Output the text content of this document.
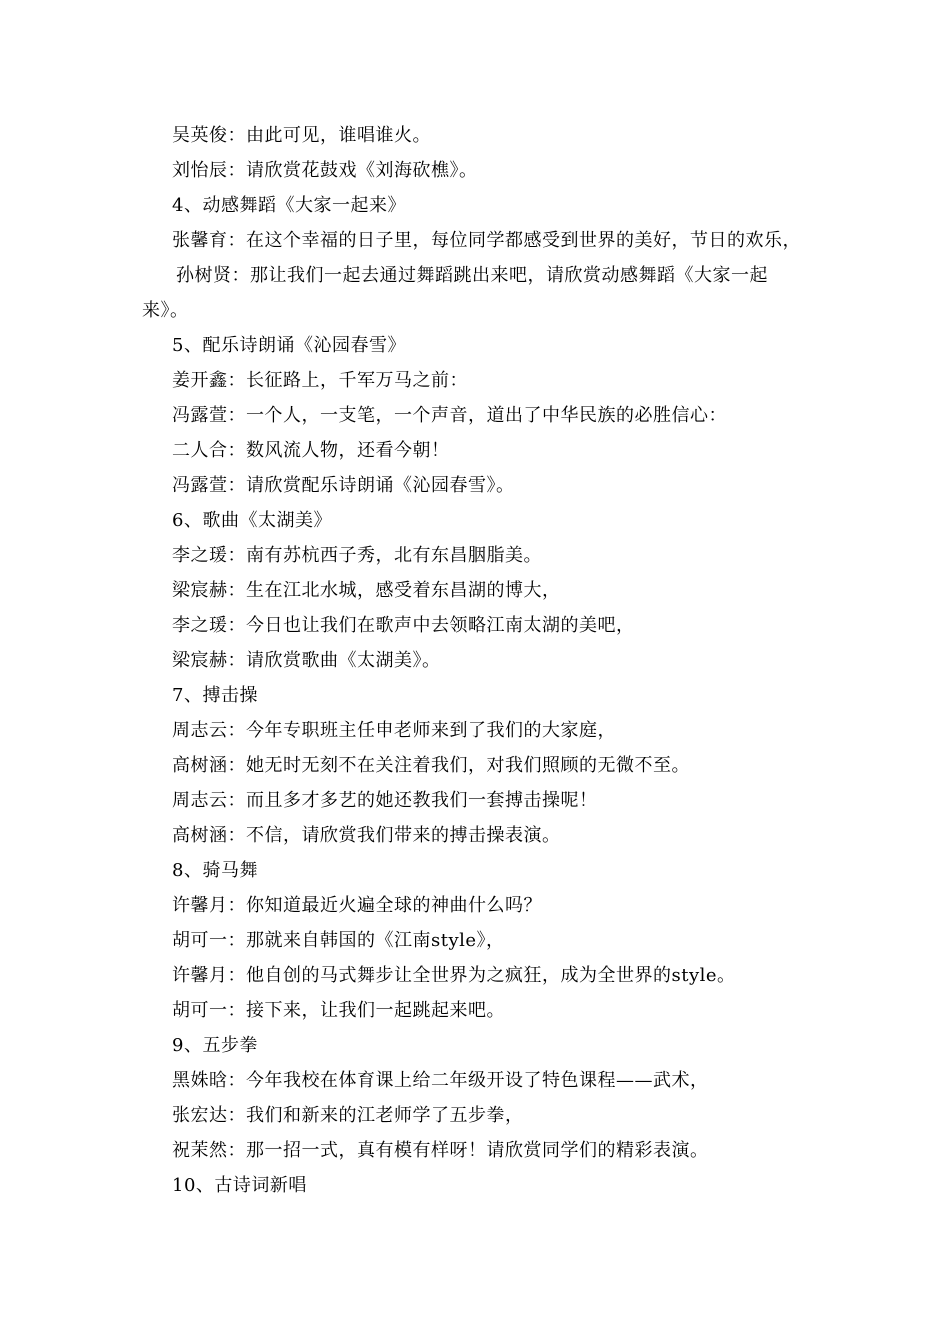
吴英俊：由此可见，谁唱谁火。
刘怡辰：请欣赏花鼓戏《刘海砍樵》。
4、动感舞蹈《大家一起来》
张馨育：在这个幸福的日子里，每位同学都感受到世界的美好，节日的欢乐，
孙树贤：那让我们一起去通过舞蹈跳出来吧，请欣赏动感舞蹈《大家一起
来》。
5、配乐诗朗诵《沁园春雪》
姜开鑫：长征路上，千军万马之前：
冯露萱：一个人，一支笔，一个声音，道出了中华民族的必胜信心：
二人合：数风流人物，还看今朝！
冯露萱：请欣赏配乐诗朗诵《沁园春雪》。
6、歌曲《太湖美》
李之瑗：南有苏杭西子秀，北有东昌胭脂美。
梁宸赫：生在江北水城，感受着东昌湖的博大，
李之瑗：今日也让我们在歌声中去领略江南太湖的美吧，
梁宸赫：请欣赏歌曲《太湖美》。
7、搏击操
周志云：今年专职班主任申老师来到了我们的大家庭，
高树涵：她无时无刻不在关注着我们，对我们照顾的无微不至。
周志云：而且多才多艺的她还教我们一套搏击操呢！
高树涵：不信，请欣赏我们带来的搏击操表演。
8、骑马舞
许馨月：你知道最近火遍全球的神曲什么吗？
胡可一：那就来自韩国的《江南style》，
许馨月：他自创的马式舞步让全世界为之疯狂，成为全世界的style。
胡可一：接下来，让我们一起跳起来吧。
9、五步拳
黑姝晗：今年我校在体育课上给二年级开设了特色课程——武术，
张宏达：我们和新来的江老师学了五步拳，
祝茉然：那一招一式，真有模有样呀！请欣赏同学们的精彩表演。
10、古诗词新唱
